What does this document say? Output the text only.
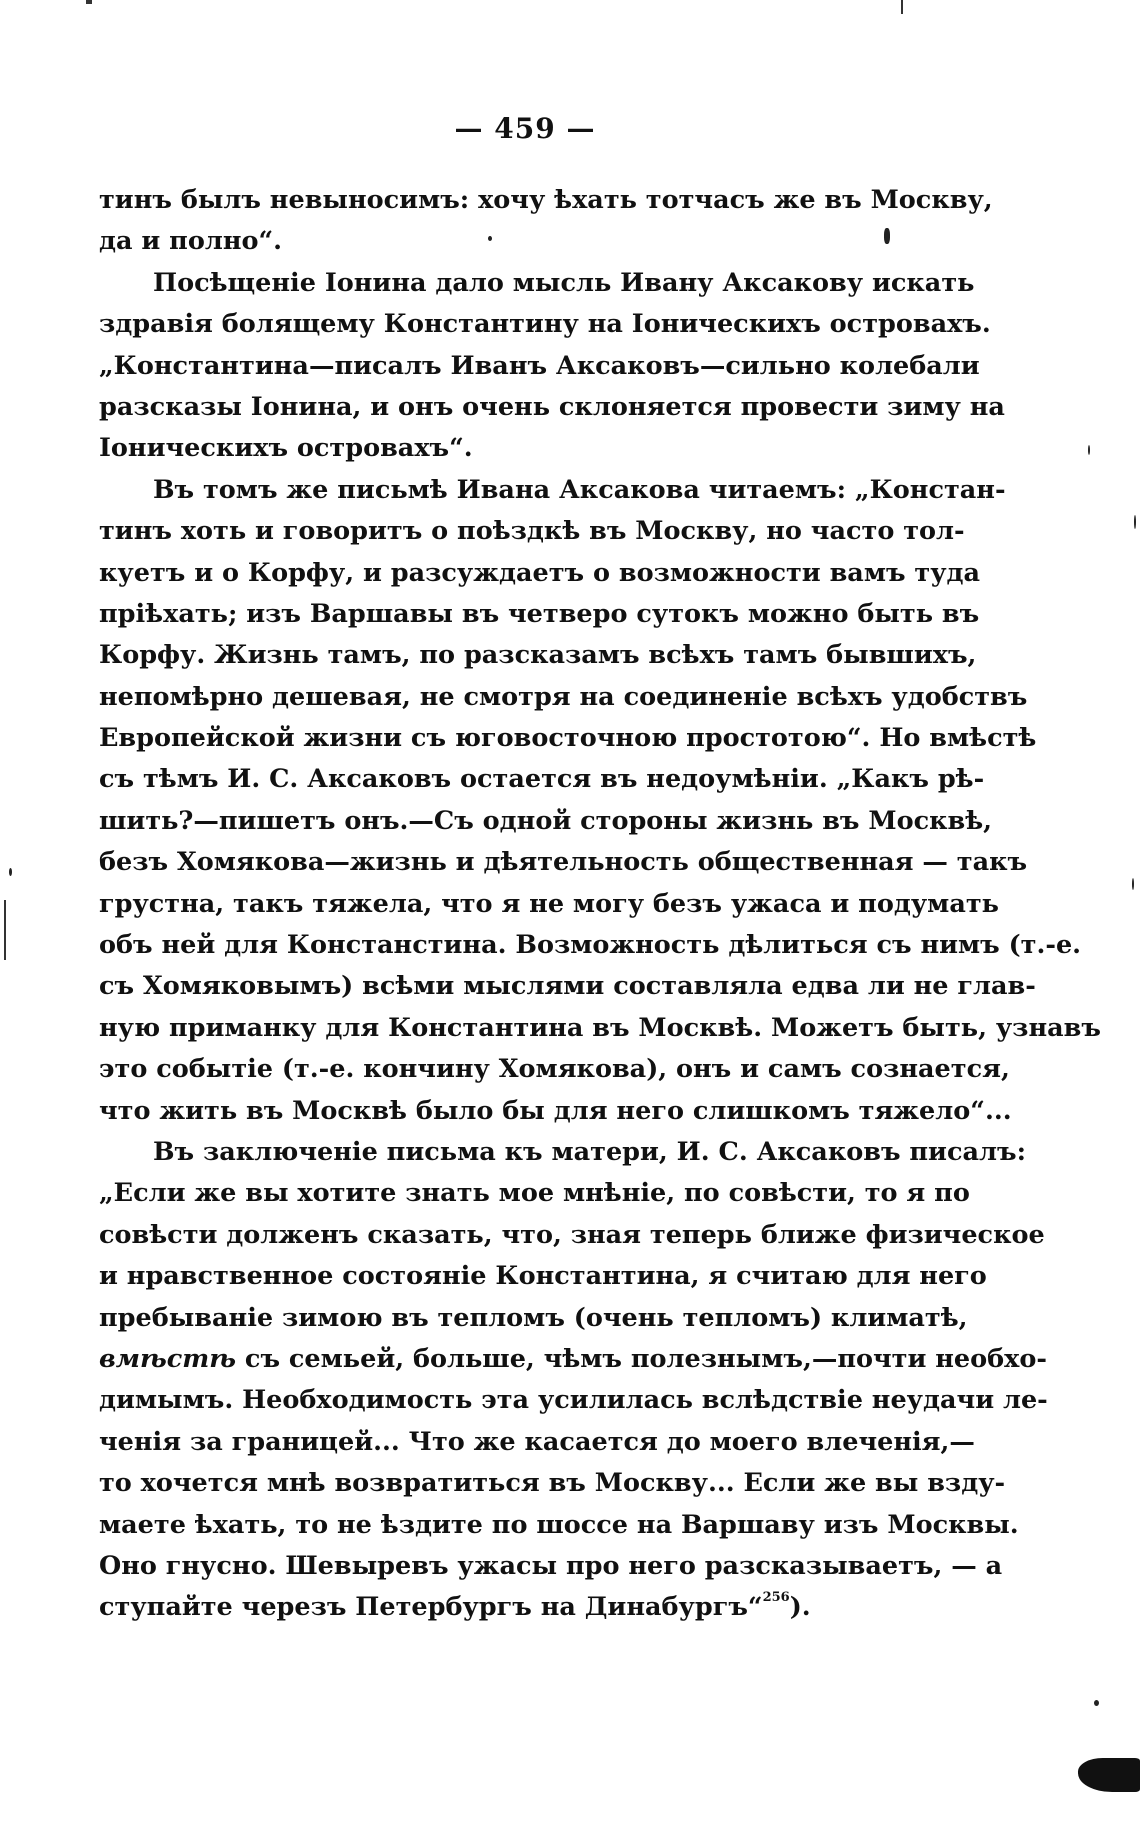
— 459 —
тинъ былъ невыносимъ: хочу ѣхать тотчасъ же въ Москву,
да и полно“.
Посѣщеніе Іонина дало мысль Ивану Аксакову искать
здравія болящему Константину на Іоническихъ островахъ.
„Константина—писалъ Иванъ Аксаковъ—сильно колебали
разсказы Іонина, и онъ очень склоняется провести зиму на
Іоническихъ островахъ“.
Въ томъ же письмѣ Ивана Аксакова читаемъ: „Констан-
тинъ хоть и говоритъ о поѣздкѣ въ Москву, но часто тол-
куетъ и о Корфу, и разсуждаетъ о возможности вамъ туда
пріѣхать; изъ Варшавы въ четверо сутокъ можно быть въ
Корфу. Жизнь тамъ, по разсказамъ всѣхъ тамъ бывшихъ,
непомѣрно дешевая, не смотря на соединеніе всѣхъ удобствъ
Европейской жизни съ юговосточною простотою“. Но вмѣстѣ
съ тѣмъ И. С. Аксаковъ остается въ недоумѣніи. „Какъ рѣ-
шить?—пишетъ онъ.—Съ одной стороны жизнь въ Москвѣ,
безъ Хомякова—жизнь и дѣятельность общественная — такъ
грустна, такъ тяжела, что я не могу безъ ужаса и подумать
объ ней для Констанстина. Возможность дѣлиться съ нимъ (т.-е.
съ Хомяковымъ) всѣми мыслями составляла едва ли не глав-
ную приманку для Константина въ Москвѣ. Можетъ быть, узнавъ
это событіе (т.-е. кончину Хомякова), онъ и самъ сознается,
что жить въ Москвѣ было бы для него слишкомъ тяжело“...
Въ заключеніе письма къ матери, И. С. Аксаковъ писалъ:
„Если же вы хотите знать мое мнѣніе, по совѣсти, то я по
совѣсти долженъ сказать, что, зная теперь ближе физическое
и нравственное состояніе Константина, я считаю для него
пребываніе зимою въ тепломъ (очень тепломъ) климатѣ,
вмѣстѣ съ семьей, больше, чѣмъ полезнымъ,—почти необхо-
димымъ. Необходимость эта усилилась вслѣдствіе неудачи ле-
ченія за границей... Что же касается до моего влеченія,—
то хочется мнѣ возвратиться въ Москву... Если же вы взду-
маете ѣхать, то не ѣздите по шоссе на Варшаву изъ Москвы.
Оно гнусно. Шевыревъ ужасы про него разсказываетъ, — а
ступайте черезъ Петербургъ на Динабургъ“$^{256}$).
